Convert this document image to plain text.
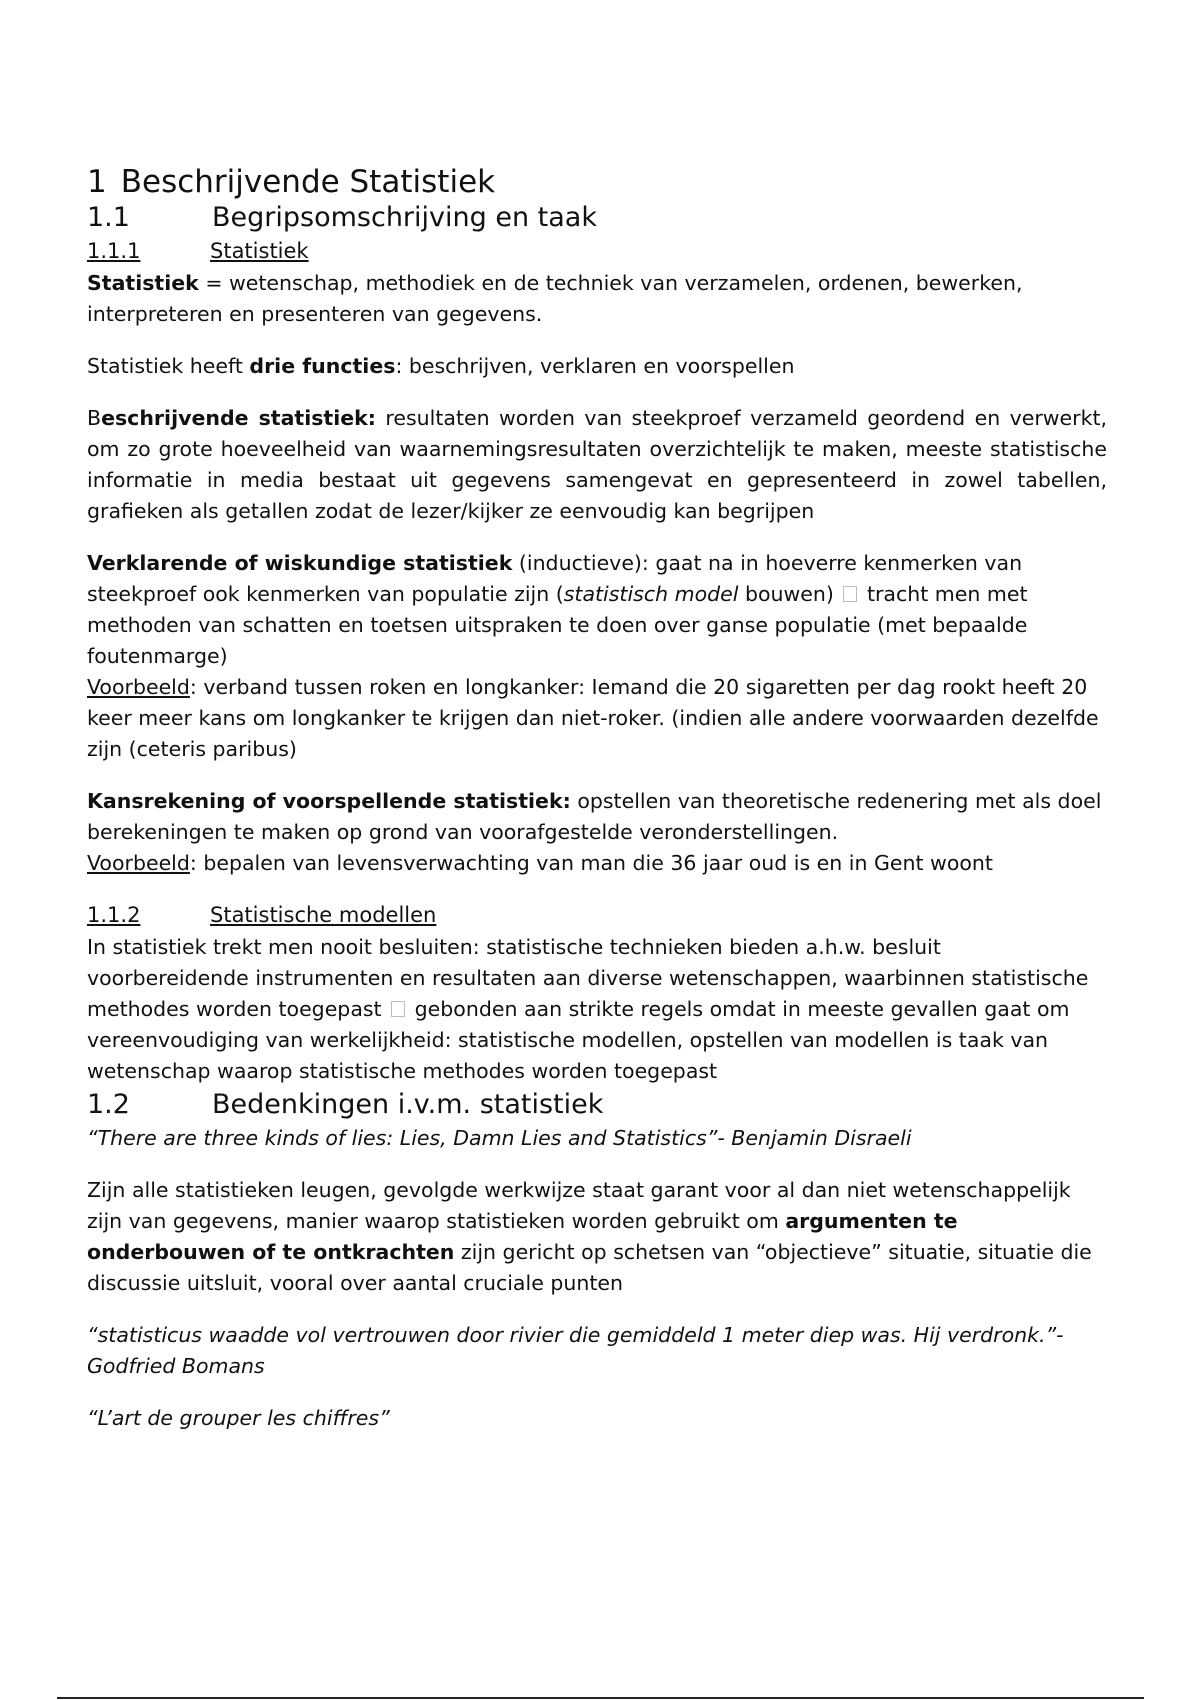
1 Beschrijvende Statistiek
1.1	Begripsomschrijving en taak
1.1.1	Statistiek

Statistiek = wetenschap, methodiek en de techniek van verzamelen, ordenen, bewerken, interpreteren en presenteren van gegevens.

Statistiek heeft drie functies: beschrijven, verklaren en voorspellen

Beschrijvende statistiek: resultaten worden van steekproef verzameld geordend en verwerkt, om zo grote hoeveelheid van waarnemingsresultaten overzichtelijk te maken, meeste statistische informatie in media bestaat uit gegevens samengevat en gepresenteerd in zowel tabellen, grafieken als getallen zodat de lezer/kijker ze eenvoudig kan begrijpen

Verklarende of wiskundige statistiek (inductieve): gaat na in hoeverre kenmerken van steekproef ook kenmerken van populatie zijn (statistisch model bouwen)  tracht men met methoden van schatten en toetsen uitspraken te doen over ganse populatie (met bepaalde foutenmarge)

Voorbeeld: verband tussen roken en longkanker: Iemand die 20 sigaretten per dag rookt heeft 20 keer meer kans om longkanker te krijgen dan niet-roker. (indien alle andere voorwaarden dezelfde zijn (ceteris paribus)

Kansrekening of voorspellende statistiek: opstellen van theoretische redenering met als doel berekeningen te maken op grond van voorafgestelde veronderstellingen.

Voorbeeld: bepalen van levensverwachting van man die 36 jaar oud is en in Gent woont

1.1.2	Statistische modellen

In statistiek trekt men nooit besluiten: statistische technieken bieden a.h.w. besluit voorbereidende instrumenten en resultaten aan diverse wetenschappen, waarbinnen statistische methodes worden toegepast  gebonden aan strikte regels omdat in meeste gevallen gaat om vereenvoudiging van werkelijkheid: statistische modellen, opstellen van modellen is taak van wetenschap waarop statistische methodes worden toegepast

1.2	Bedenkingen i.v.m. statistiek

“There are three kinds of lies: Lies, Damn Lies and Statistics”- Benjamin Disraeli

Zijn alle statistieken leugen, gevolgde werkwijze staat garant voor al dan niet wetenschappelijk zijn van gegevens, manier waarop statistieken worden gebruikt om argumenten te onderbouwen of te ontkrachten zijn gericht op schetsen van “objectieve” situatie, situatie die discussie uitsluit, vooral over aantal cruciale punten

“statisticus waadde vol vertrouwen door rivier die gemiddeld 1 meter diep was. Hij verdronk.”- Godfried Bomans

“L’art de grouper les chiffres”
